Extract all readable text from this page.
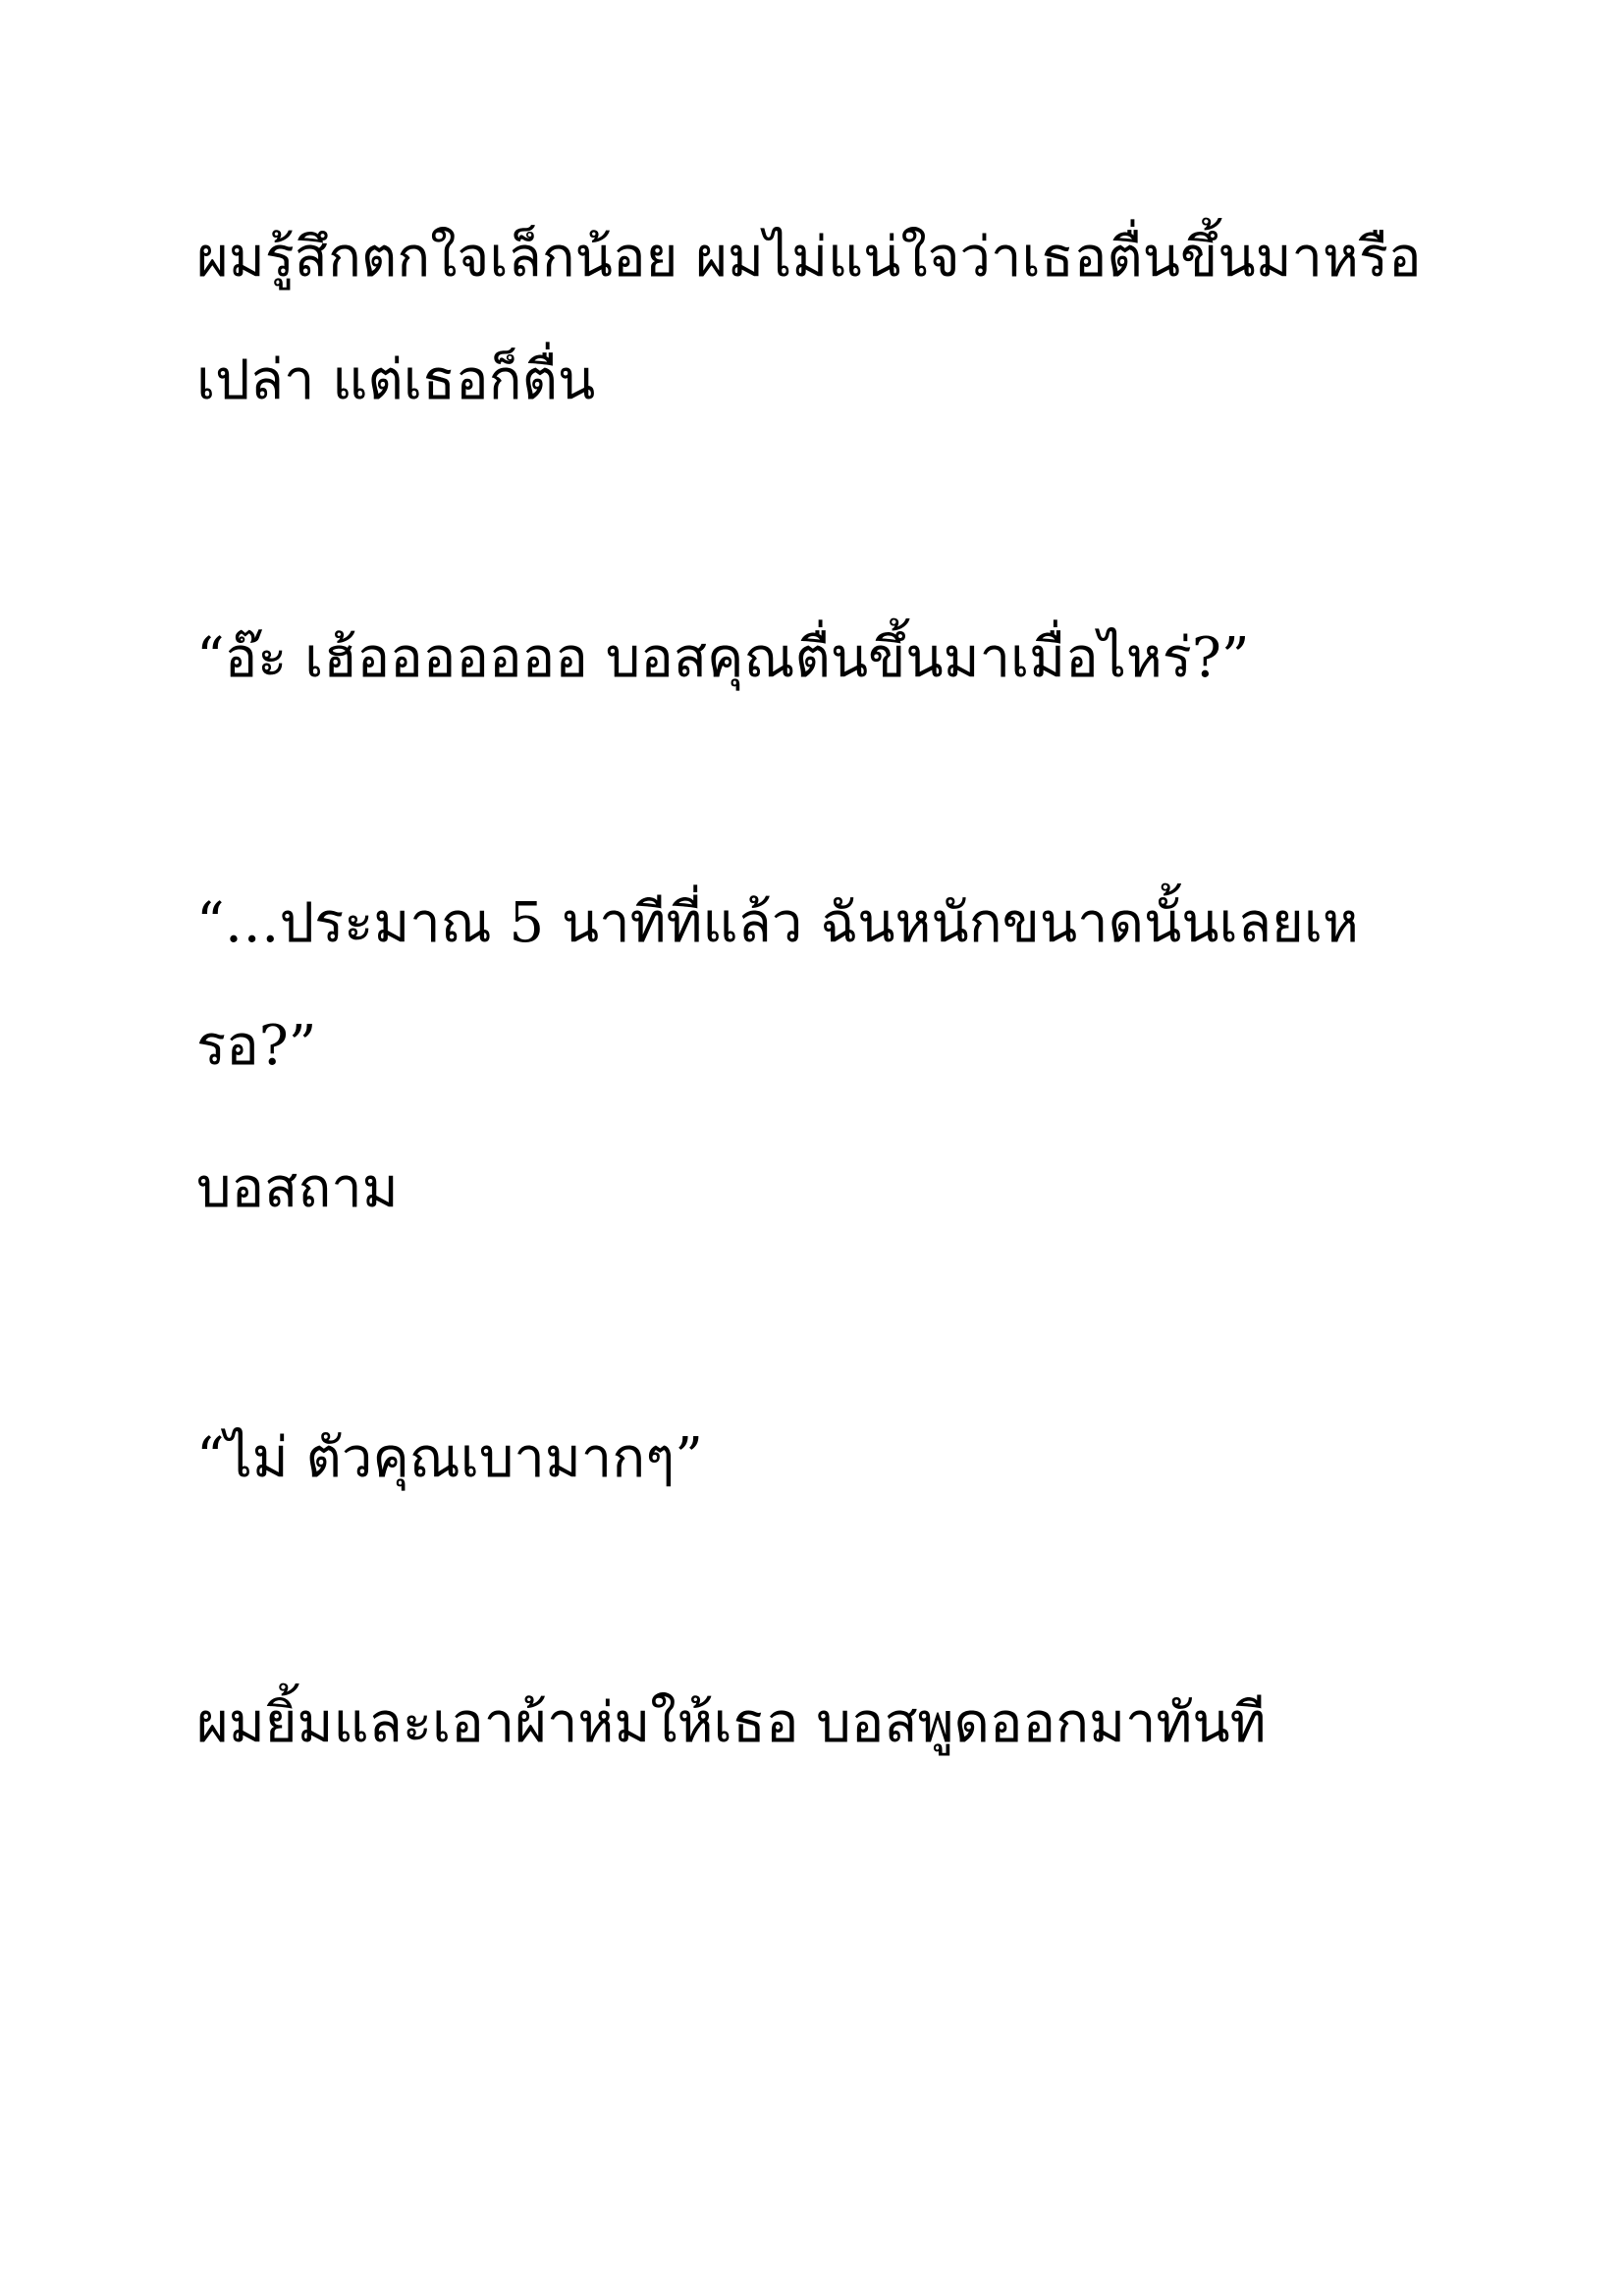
ผมรู้สึกตกใจเล็กน้อย ผมไม่แน่ใจว่าเธอตื่นขึ้นมาหรือเปล่า แต่เธอก็ตื่น

“อ๊ะ เฮ้อออออออ บอสคุณตื่นขึ้นมาเมื่อไหร่?”

“…ประมาณ 5 นาทีที่แล้ว ฉันหนักขนาดนั้นเลยเหรอ?”

บอสถาม

“ไม่ ตัวคุณเบามากๆ”

ผมยิ้มและเอาผ้าห่มให้เธอ บอสพูดออกมาทันที
